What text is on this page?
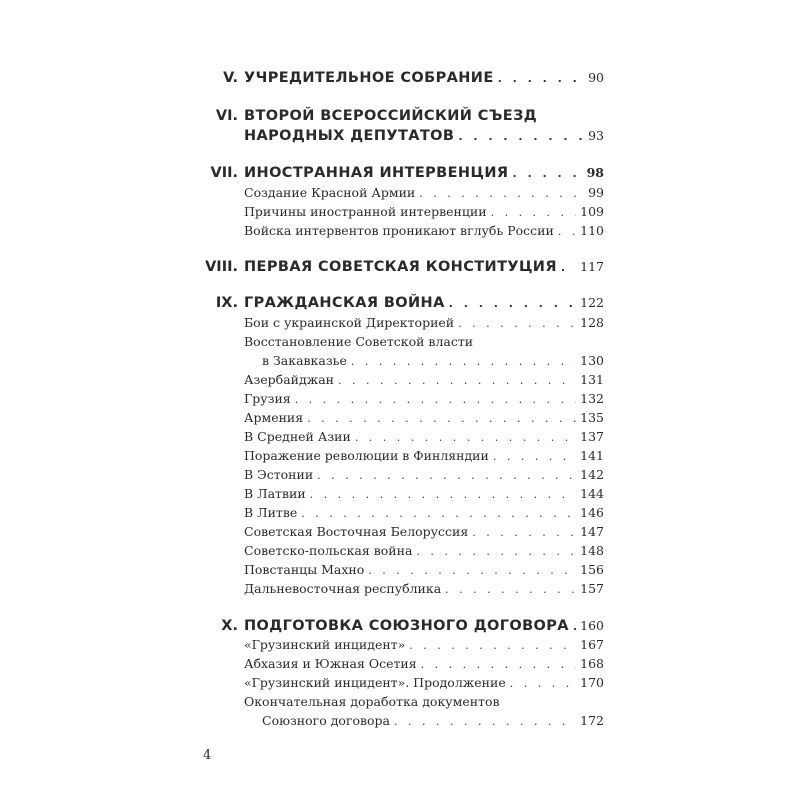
V. УЧРЕДИТЕЛЬНОЕ СОБРАНИЕ . . .	90
VI. ВТОРОЙ ВСЕРОССИЙСКИЙ СЪЕЗД
НАРОДНЫХ ДЕПУТАТОВ . . .	93
VII. ИНОСТРАННАЯ ИНТЕРВЕНЦИЯ . . .	98
Создание Красной Армии . . .	99
Причины иностранной интервенции . . .	109
Войска интервентов проникают вглубь России . . . 110
VIII. ПЕРВАЯ СОВЕТСКАЯ КОНСТИТУЦИЯ . . . 117
IX. ГРАЖДАНСКАЯ ВОЙНА . . .	122
Бои с украинской Директорией . . .	128
Восстановление Советской власти
в Закавказье . . .	130
Азербайджан . . .	131
Грузия . . .	132
Армения . . .	135
В Средней Азии . . .	137
Поражение революции в Финляндии . . .	141
В Эстонии . . .	142
В Латвии . . .	144
В Литве . . .	146
Советская Восточная Белоруссия . . .	147
Советско-польская война . . .	148
Повстанцы Махно . . .	156
Дальневосточная республика . . .	157
X. ПОДГОТОВКА СОЮЗНОГО ДОГОВОРА . . . 160
«Грузинский инцидент» . . .	167
Абхазия и Южная Осетия . . .	168
«Грузинский инцидент». Продолжение . . .	170
Окончательная доработка документов
Союзного договора . . .	172
4
